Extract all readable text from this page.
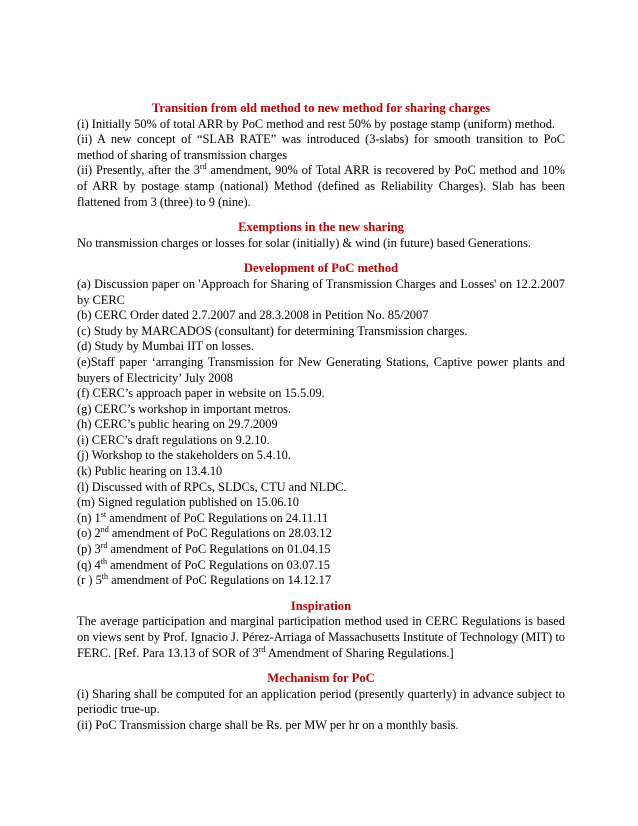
Transition from old method to new method for sharing charges
(i) Initially 50% of total ARR by PoC method and rest 50% by postage stamp (uniform) method.
(ii) A new concept of “SLAB RATE” was introduced (3-slabs) for smooth transition to PoC method of sharing of transmission charges
(ii) Presently, after the 3rd amendment, 90% of Total ARR is recovered by PoC method and 10% of ARR by postage stamp (national) Method (defined as Reliability Charges). Slab has been flattened from 3 (three) to 9 (nine).
Exemptions in the new sharing
No transmission charges or losses for solar (initially) & wind (in future) based Generations.
Development of PoC method
(a) Discussion paper on 'Approach for Sharing of Transmission Charges and Losses' on 12.2.2007 by CERC
(b) CERC Order dated 2.7.2007 and 28.3.2008 in Petition No. 85/2007
(c) Study by MARCADOS (consultant) for determining Transmission charges.
(d) Study by Mumbai IIT on losses.
(e)Staff paper ‘arranging Transmission for New Generating Stations, Captive power plants and buyers of Electricity’ July 2008
(f) CERC’s approach paper in website on 15.5.09.
(g) CERC’s workshop in important metros.
(h) CERC’s public hearing on 29.7.2009
(i) CERC’s draft regulations on 9.2.10.
(j) Workshop to the stakeholders on 5.4.10.
(k) Public hearing on 13.4.10
(l) Discussed with of RPCs, SLDCs, CTU and NLDC.
(m) Signed regulation published on 15.06.10
(n) 1st amendment of PoC Regulations on 24.11.11
(o) 2nd amendment of PoC Regulations on 28.03.12
(p) 3rd amendment of PoC Regulations on 01.04.15
(q) 4th amendment of PoC Regulations on 03.07.15
(r ) 5th amendment of PoC Regulations on 14.12.17
Inspiration
The average participation and marginal participation method used in CERC Regulations is based on views sent by Prof. Ignacio J. Pérez-Arriaga of Massachusetts Institute of Technology (MIT) to FERC. [Ref. Para 13.13 of SOR of 3rd Amendment of Sharing Regulations.]
Mechanism for PoC
(i) Sharing shall be computed for an application period (presently quarterly) in advance subject to periodic true-up.
(ii) PoC Transmission charge shall be Rs. per MW per hr on a monthly basis.
